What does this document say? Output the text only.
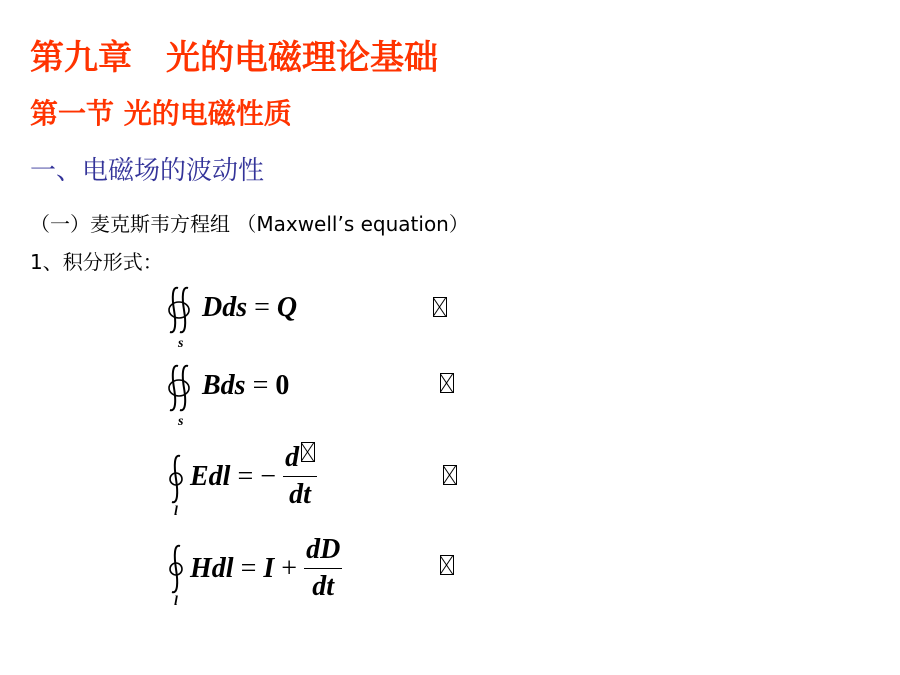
第九章　光的电磁理论基础
第一节 光的电磁性质
一、电磁场的波动性
（一）麦克斯韦方程组 （Maxwell’s equation）
1、积分形式：
s
Dds = Q
s
Bds = 0
l
Edl = − $\frac{d}{dt}$
l
Hdl = $I + \frac{dD}{dt}$
